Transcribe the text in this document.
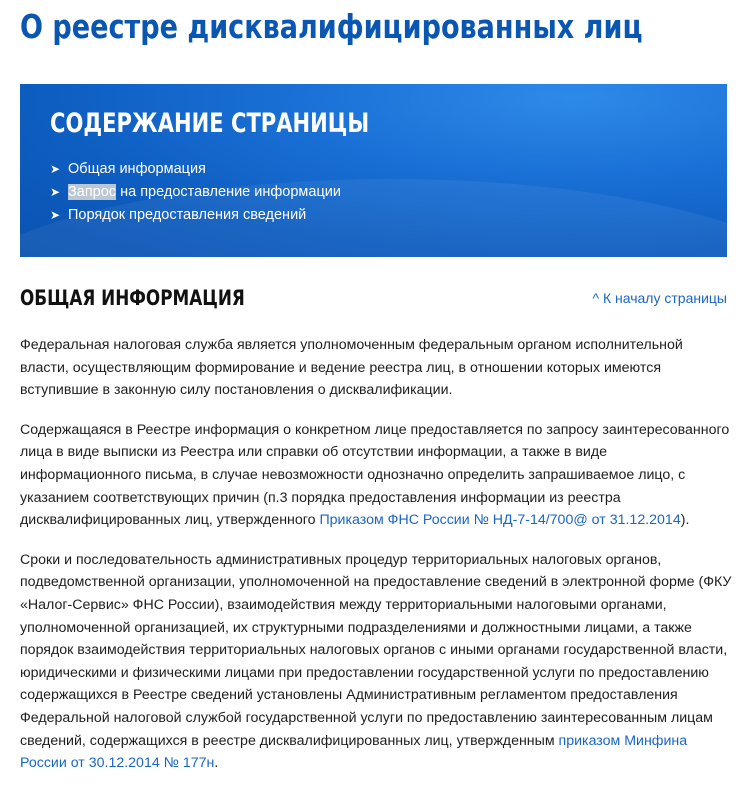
О реестре дисквалифицированных лиц
СОДЕРЖАНИЕ СТРАНИЦЫ
➤ Общая информация
➤ Запрос на предоставление информации
➤ Порядок предоставления сведений
ОБЩАЯ ИНФОРМАЦИЯ	^ К началу страницы

Федеральная налоговая служба является уполномоченным федеральным органом исполнительной власти, осуществляющим формирование и ведение реестра лиц, в отношении которых имеются вступившие в законную силу постановления о дисквалификации.

Содержащаяся в Реестре информация о конкретном лице предоставляется по запросу заинтересованного лица в виде выписки из Реестра или справки об отсутствии информации, а также в виде информационного письма, в случае невозможности однозначно определить запрашиваемое лицо, с указанием соответствующих причин (п.3 порядка предоставления информации из реестра дисквалифицированных лиц, утвержденного Приказом ФНС России № НД-7-14/700@ от 31.12.2014).

Сроки и последовательность административных процедур территориальных налоговых органов, подведомственной организации, уполномоченной на предоставление сведений в электронной форме (ФКУ «Налог-Сервис» ФНС России), взаимодействия между территориальными налоговыми органами, уполномоченной организацией, их структурными подразделениями и должностными лицами, а также порядок взаимодействия территориальных налоговых органов с иными органами государственной власти, юридическими и физическими лицами при предоставлении государственной услуги по предоставлению содержащихся в Реестре сведений установлены Административным регламентом предоставления Федеральной налоговой службой государственной услуги по предоставлению заинтересованным лицам сведений, содержащихся в реестре дисквалифицированных лиц, утвержденным приказом Минфина России от 30.12.2014 № 177н.
